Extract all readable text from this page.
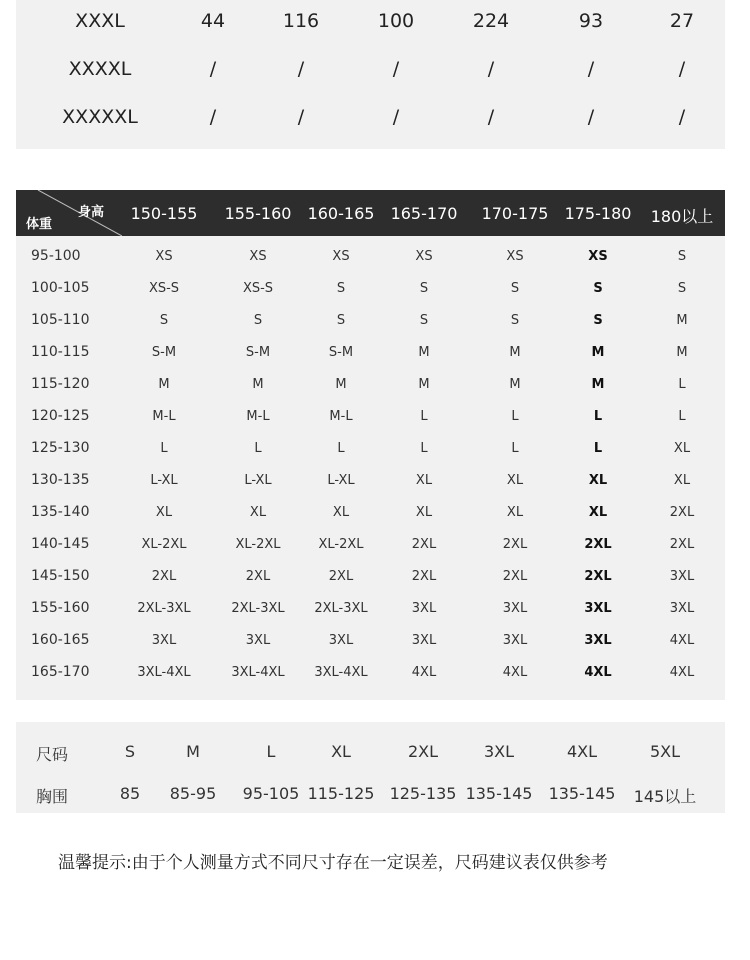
XXXL	44	116	100	224	93	27
XXXXL	/	/	/	/	/	/
XXXXXL	/	/	/	/	/	/
身高
体重
150-155 155-160 160-165 165-170 170-175 175-180 180以上
95-100	XS	XS	XS	XS	XS	XS	S
100-105	XS-S	XS-S	S	S	S	S	S
105-110	S	S	S	S	S	S	M
110-115	S-M	S-M	S-M	M	M	M	M
115-120	M	M	M	M	M	M	L
120-125	M-L	M-L	M-L	L	L	L	L
125-130	L	L	L	L	L	L	XL
130-135	L-XL	L-XL	L-XL	XL	XL	XL	XL
135-140	XL	XL	XL	XL	XL	XL	2XL
140-145	XL-2XL	XL-2XL	XL-2XL	2XL	2XL	2XL	2XL
145-150	2XL	2XL	2XL	2XL	2XL	2XL	3XL
155-160	2XL-3XL	2XL-3XL 2XL-3XL	3XL	3XL	3XL	3XL
160-165	3XL	3XL	3XL	3XL	3XL	3XL	4XL
165-170	3XL-4XL	3XL-4XL 3XL-4XL	4XL	4XL	4XL	4XL
尺码	S	M	L	XL	2XL	3XL	4XL	5XL
胸围	85 85-95 95-105 115-125 125-135 135-145 135-145 145以上
温馨提示:由于个人测量方式不同尺寸存在一定误差，尺码建议表仅供参考
